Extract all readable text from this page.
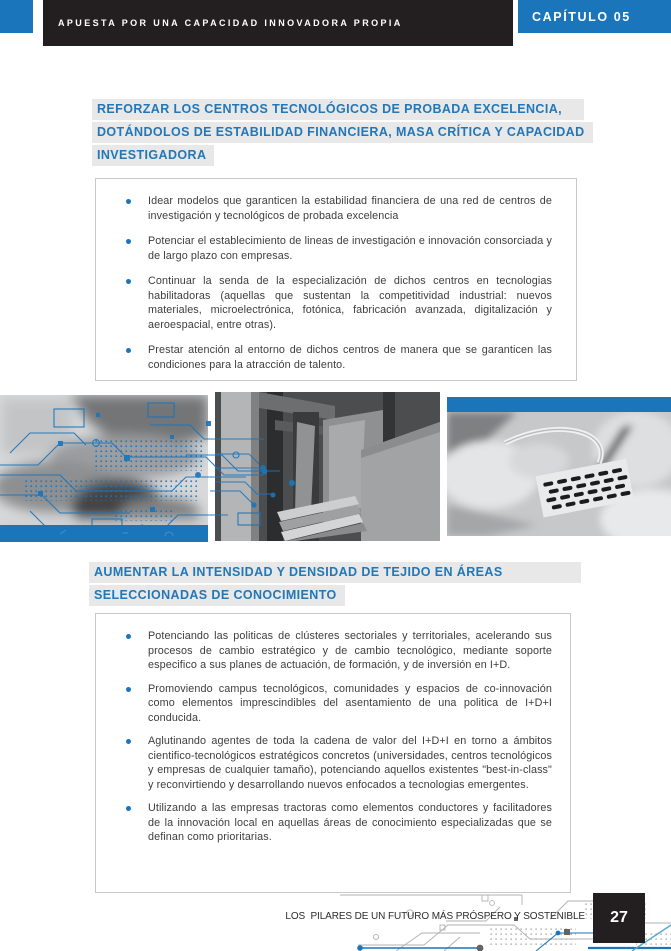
APUESTA POR UNA CAPACIDAD INNOVADORA PROPIA	CAPÍTULO 05
REFORZAR LOS CENTROS TECNOLÓGICOS DE PROBADA EXCELENCIA,
DOTÁNDOLOS DE ESTABILIDAD FINANCIERA, MASA CRÍTICA Y CAPACIDAD
INVESTIGADORA
Idear modelos que garanticen la estabilidad financiera de una red de centros de investigación y tecnológicos de probada excelencia
Potenciar el establecimiento de lineas de investigación e innovación consorciada y de largo plazo con empresas.
Continuar la senda de la especialización de dichos centros en tecnologias habilitadoras (aquellas que sustentan la competitividad industrial: nuevos materiales, microelectrónica, fotónica, fabricación avanzada, digitalización y aeroespacial, entre otras).
Prestar atención al entorno de dichos centros de manera que se garanticen las condiciones para la atracción de talento.
AUMENTAR LA INTENSIDAD Y DENSIDAD DE TEJIDO EN ÁREAS
SELECCIONADAS DE CONOCIMIENTO
Potenciando las politicas de clústeres sectoriales y territoriales, acelerando sus procesos de cambio estratégico y de cambio tecnológico, mediante soporte especifico a sus planes de actuación, de formación, y de inversión en I+D.
Promoviendo campus tecnológicos, comunidades y espacios de co-innovación como elementos imprescindibles del asentamiento de una politica de I+D+I conducida.
Aglutinando agentes de toda la cadena de valor del I+D+I en torno a ámbitos cientifico-tecnológicos estratégicos concretos (universidades, centros tecnológicos y empresas de cualquier tamaño), potenciando aquellos existentes "best-in-class" y reconvirtiendo y desarrollando nuevos enfocados a tecnologias emergentes.
Utilizando a las empresas tractoras como elementos conductores y facilitadores de la innovación local en aquellas áreas de conocimiento especializadas que se definan como prioritarias.
LOS  PILARES DE UN FUTURO MÁS PRÓSPERO Y SOSTENIBLE 27
